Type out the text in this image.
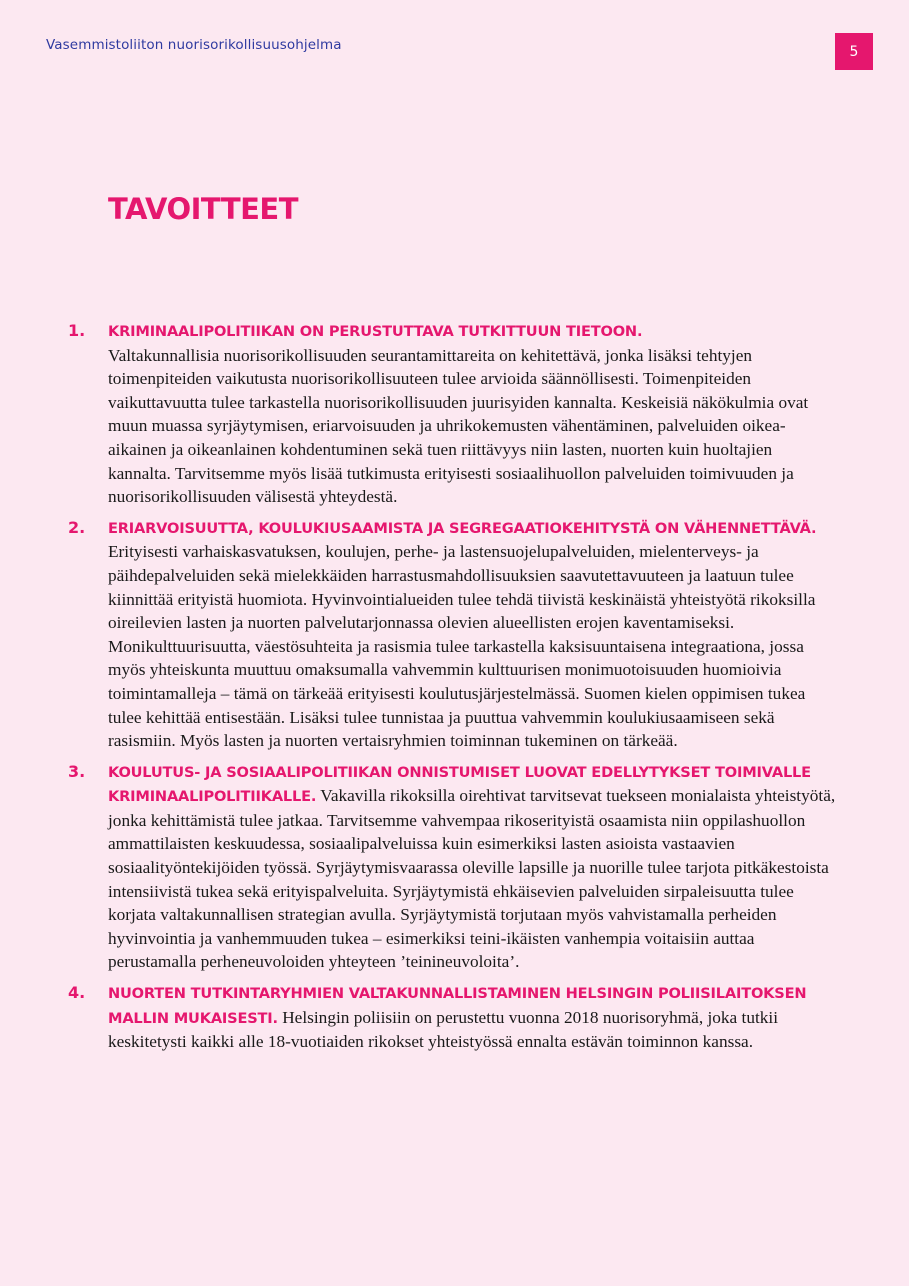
Vasemmistoliiton nuorisorikollisuusohjelma	5
TAVOITTEET
1. KRIMINAALIPOLITIIKAN ON PERUSTUTTAVA TUTKITTUUN TIETOON.
Valtakunnallisia nuorisorikollisuuden seurantamittareita on kehitettävä, jonka lisäksi tehtyjen toimenpiteiden vaikutusta nuorisorikollisuuteen tulee arvioida säännöllisesti. Toimenpiteiden vaikuttavuutta tulee tarkastella nuorisorikollisuuden juurisyiden kannalta. Keskeisiä näkökulmia ovat muun muassa syrjäytymisen, eriarvoisuuden ja uhrikokemusten vähentäminen, palveluiden oikea-aikainen ja oikeanlainen kohdentuminen sekä tuen riittävyys niin lasten, nuorten kuin huoltajien kannalta. Tarvitsemme myös lisää tutkimusta erityisesti sosiaalihuollon palveluiden toimivuuden ja nuorisorikollisuuden välisestä yhteydestä.
2. ERIARVOISUUTTA, KOULUKIUSAAMISTA JA SEGREGAATIOKEHITYSTÄ ON VÄHENNETTÄVÄ. Erityisesti varhaiskasvatuksen, koulujen, perhe- ja lastensuojelupalveluiden, mielenterveys- ja päihdepalveluiden sekä mielekkäiden harrastusmahdollisuuksien saavutettavuuteen ja laatuun tulee kiinnittää erityistä huomiota. Hyvinvointialueiden tulee tehdä tiivistä keskinäistä yhteistyötä rikoksilla oireilevien lasten ja nuorten palvelutarjonnassa olevien alueellisten erojen kaventamiseksi. Monikulttuurisuutta, väestösuhteita ja rasismia tulee tarkastella kaksisuuntaisena integraationa, jossa myös yhteiskunta muuttuu omaksumalla vahvemmin kulttuurisen monimuotoisuuden huomioivia toimintamalleja – tämä on tärkeää erityisesti koulutusjärjestelmässä. Suomen kielen oppimisen tukea tulee kehittää entisestään. Lisäksi tulee tunnistaa ja puuttua vahvemmin koulukiusaamiseen sekä rasismiin. Myös lasten ja nuorten vertaisryhmien toiminnan tukeminen on tärkeää.
3. KOULUTUS- JA SOSIAALIPOLITIIKAN ONNISTUMISET LUOVAT EDELLYTYKSET TOIMIVALLE KRIMINAALIPOLITIIKALLE. Vakavilla rikoksilla oirehtivat tarvitsevat tuekseen monialaista yhteistyötä, jonka kehittämistä tulee jatkaa. Tarvitsemme vahvempaa rikoserityistä osaamista niin oppilashuollon ammattilaisten keskuudessa, sosiaalipalveluissa kuin esimerkiksi lasten asioista vastaavien sosiaalityöntekijöiden työssä. Syrjäytymisvaarassa oleville lapsille ja nuorille tulee tarjota pitkäkestoista intensiivistä tukea sekä erityispalveluita. Syrjäytymistä ehkäisevien palveluiden sirpaleisuutta tulee korjata valtakunnallisen strategian avulla. Syrjäytymistä torjutaan myös vahvistamalla perheiden hyvinvointia ja vanhemmuuden tukea – esimerkiksi teini-ikäisten vanhempia voitaisiin auttaa perustamalla perheneuvoloiden yhteyteen ’teinineuvoloita’.
4. NUORTEN TUTKINTARYHMIEN VALTAKUNNALLISTAMINEN HELSINGIN POLIISILAITOKSEN MALLIN MUKAISESTI. Helsingin poliisiin on perustettu vuonna 2018 nuorisoryhmä, joka tutkii keskitetysti kaikki alle 18-vuotiaiden rikokset yhteistyössä ennalta estävän toiminnon kanssa.
